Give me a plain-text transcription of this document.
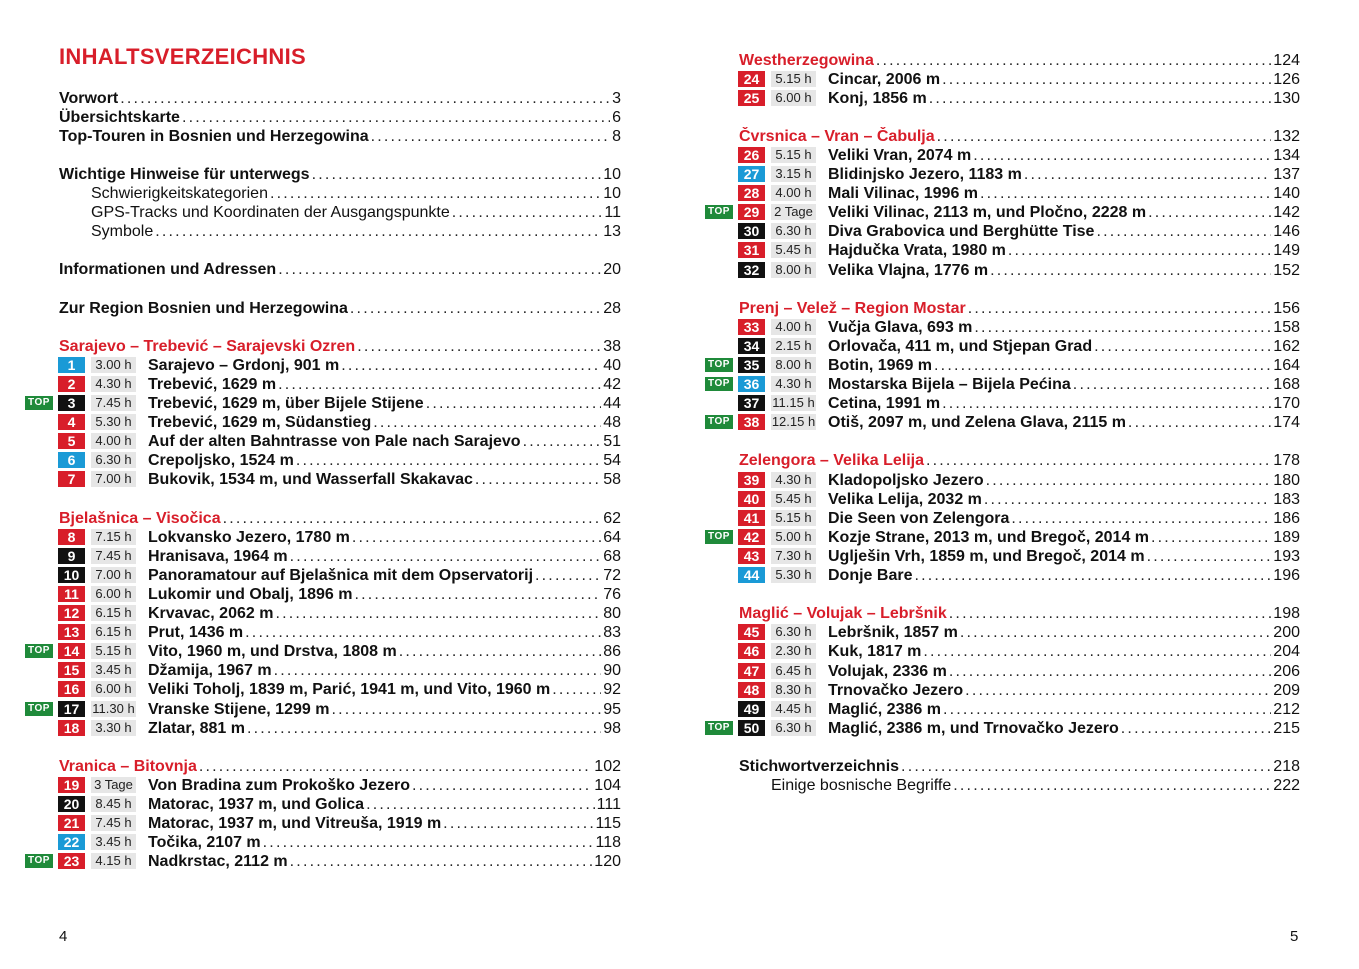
INHALTSVERZEICHNIS
Vorwort .....	3
Übersichtskarte .....	6
Top-Touren in Bosnien und Herzegowina .....	8
Wichtige Hinweise für unterwegs .....	10
Schwierigkeitskategorien .....	10
GPS-Tracks und Koordinaten der Ausgangspunkte .....	11
Symbole .....	13
Informationen und Adressen .....	20
Zur Region Bosnien und Herzegowina .....	28
Sarajevo – Trebević – Sarajevski Ozren .....	38
1	3.00 h Sarajevo – Grdonj, 901 m .....	40
2	4.30 h Trebević, 1629 m .....	42
TOP	3	7.45 h Trebević, 1629 m, über Bijele Stijene .....	44
4	5.30 h Trebević, 1629 m, Südanstieg .....	48
5	4.00 h Auf der alten Bahntrasse von Pale nach Sarajevo .....	51
6	6.30 h Crepoljsko, 1524 m .....	54
7	7.00 h Bukovik, 1534 m, und Wasserfall Skakavac .....	58
Bjelašnica – Visočica .....	62
8	7.15 h Lokvansko Jezero, 1780 m .....	64
9	7.45 h Hranisava, 1964 m .....	68
10	7.00 h Panoramatour auf Bjelašnica mit dem Opservatorij .....	72
11	6.00 h Lukomir und Obalj, 1896 m .....	76
12	6.15 h Krvavac, 2062 m .....	80
13	6.15 h Prut, 1436 m .....	83
TOP 14	5.15 h Vito, 1960 m, und Drstva, 1808 m .....	86
15	3.45 h Džamija, 1967 m .....	90
16	6.00 h Veliki Toholj, 1839 m, Parić, 1941 m, und Vito, 1960 m .....	92
TOP 17	11.30 h Vranske Stijene, 1299 m .....	95
18	3.30 h Zlatar, 881 m .....	98
Vranica – Bitovnja .....	102
19	3 Tage Von Bradina zum Prokoško Jezero .....	104
20	8.45 h Matorac, 1937 m, und Golica .....	111
21	7.45 h Matorac, 1937 m, und Vitreuša, 1919 m .....	115
22	3.45 h Točika, 2107 m .....	118
TOP 23	4.15 h Nadkrstac, 2112 m .....	120
4
Westherzegowina .....	124
24	5.15 h Cincar, 2006 m .....	126
25	6.00 h Konj, 1856 m .....	130
Čvrsnica – Vran – Čabulja .....	132
26	5.15 h Veliki Vran, 2074 m .....	134
27	3.15 h Blidinjsko Jezero, 1183 m .....	137
28	4.00 h Mali Vilinac, 1996 m .....	140
TOP 29	2 Tage Veliki Vilinac, 2113 m, und Pločno, 2228 m .....	142
30	6.30 h Diva Grabovica und Berghütte Tise .....	146
31	5.45 h Hajdučka Vrata, 1980 m .....	149
32	8.00 h Velika Vlajna, 1776 m .....	152
Prenj – Velež – Region Mostar .....	156
33	4.00 h Vučja Glava, 693 m .....	158
34	2.15 h Orlovača, 411 m, und Stjepan Grad .....	162
TOP 35	8.00 h Botin, 1969 m .....	164
TOP 36	4.30 h Mostarska Bijela – Bijela Pećina .....	168
37	11.15 h Cetina, 1991 m .....	170
TOP 38 12.15 h Otiš, 2097 m, und Zelena Glava, 2115 m .....	174
Zelengora – Velika Lelija .....	178
39	4.30 h Kladopoljsko Jezero .....	180
40	5.45 h Velika Lelija, 2032 m .....	183
41	5.15 h Die Seen von Zelengora .....	186
TOP 42	5.00 h Kozje Strane, 2013 m, und Bregoč, 2014 m .....	189
43	7.30 h Uglješin Vrh, 1859 m, und Bregoč, 2014 m .....	193
44	5.30 h Donje Bare .....	196
Maglić – Volujak – Lebršnik .....	198
45	6.30 h Lebršnik, 1857 m .....	200
46	2.30 h Kuk, 1817 m .....	204
47	6.45 h Volujak, 2336 m .....	206
48	8.30 h Trnovačko Jezero .....	209
49	4.45 h Maglić, 2386 m .....	212
TOP 50	6.30 h Maglić, 2386 m, und Trnovačko Jezero .....	215
Stichwortverzeichnis .....	218
Einige bosnische Begriffe .....	222
5
